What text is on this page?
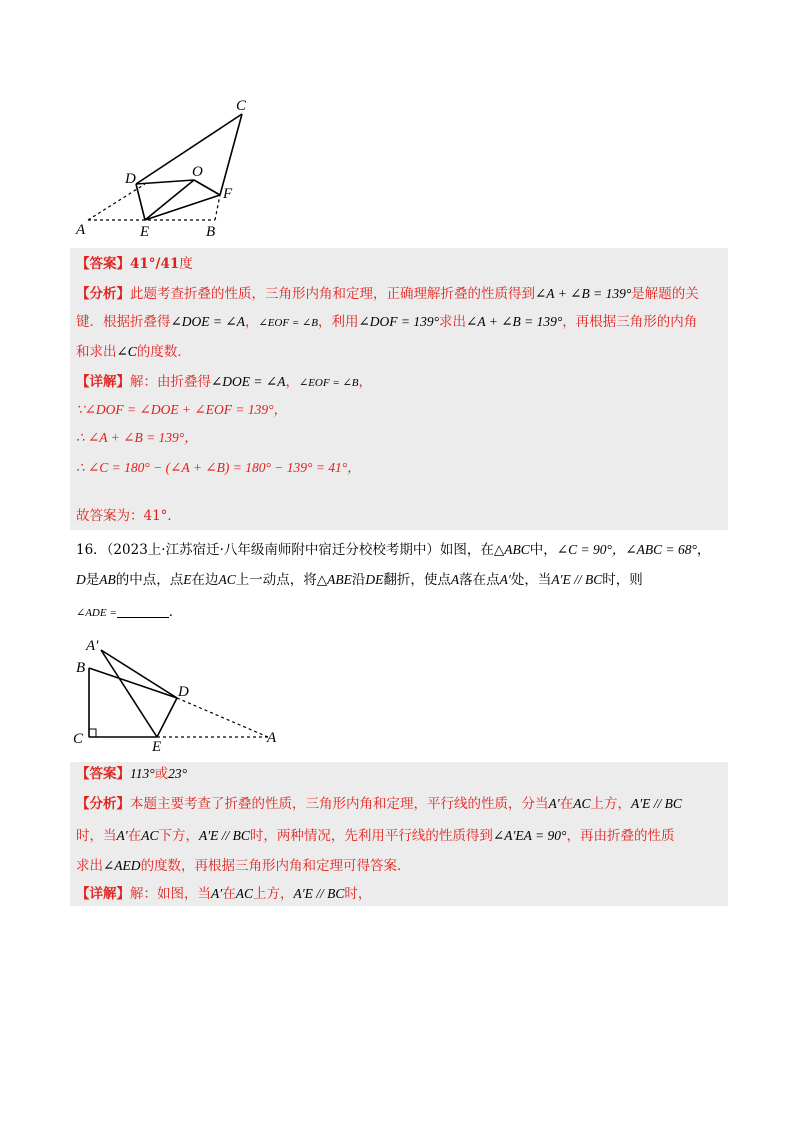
C
D	O
F
A	E	B
【答案】41°/41度
【分析】此题考查折叠的性质，三角形内角和定理，正确理解折叠的性质得到∠A + ∠B = 139°是解题的关
键．根据折叠得∠DOE = ∠A，∠EOF = ∠B，利用∠DOF = 139°求出∠A + ∠B = 139°，再根据三角形的内角
和求出∠C的度数．
【详解】解：由折叠得∠DOE = ∠A，∠EOF = ∠B，
∵∠DOF = ∠DOE + ∠EOF = 139°，
∴ ∠A + ∠B = 139°，
∴ ∠C = 180° − (∠A + ∠B) = 180° − 139° = 41°，
故答案为：41°．
16．（2023上·江苏宿迁·八年级南师附中宿迁分校校考期中）如图，在△ABC中，∠C = 90°，∠ABC = 68°，
D是AB的中点，点E在边AC上一动点，将△ABE沿DE翻折，使点A落在点A′处，当A′E // BC时，则
∠ADE =	．
A′
B
D
C	E
A
【答案】113°或23°
【分析】本题主要考查了折叠的性质，三角形内角和定理，平行线的性质，分当A′在AC上方，A′E // BC
时，当A′在AC下方，A′E // BC时，两种情况，先利用平行线的性质得到∠A′EA = 90°，再由折叠的性质
求出∠AED的度数，再根据三角形内角和定理可得答案．
【详解】解：如图，当A′在AC上方，A′E // BC时，
